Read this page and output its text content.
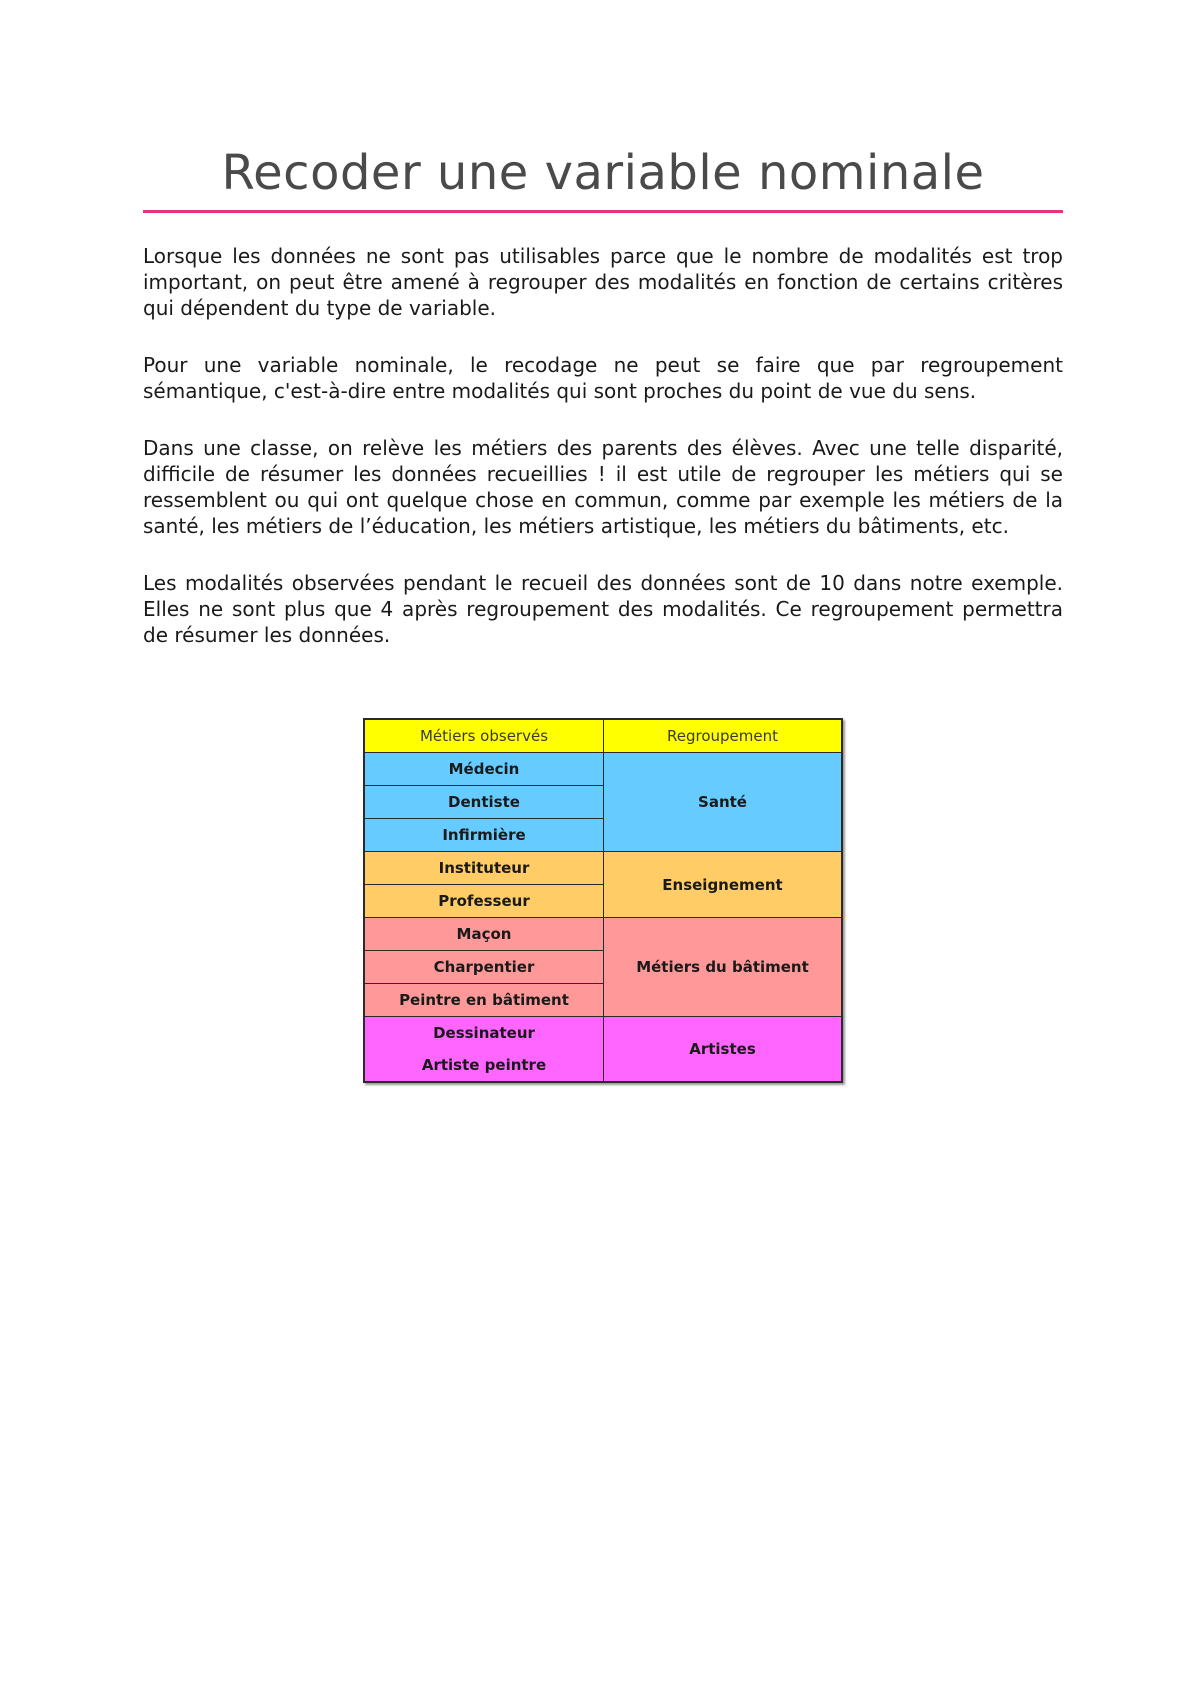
Recoder une variable nominale

Lorsque les données ne sont pas utilisables parce que le nombre de modalités est trop important, on peut être amené à regrouper des modalités en fonction de certains critères qui dépendent du type de variable.

Pour une variable nominale, le recodage ne peut se faire que par regroupement sémantique, c'est-à-dire entre modalités qui sont proches du point de vue du sens.

Dans une classe, on relève les métiers des parents des élèves. Avec une telle disparité, difficile de résumer les données recueillies ! il est utile de regrouper les métiers qui se ressemblent ou qui ont quelque chose en commun, comme par exemple les métiers de la santé, les métiers de l’éducation, les métiers artistique, les métiers du bâtiments, etc.

Les modalités observées pendant le recueil des données sont de 10 dans notre exemple. Elles ne sont plus que 4 après regroupement des modalités. Ce regroupement permettra de résumer les données.

Métiers observés	Regroupement
Médecin	Santé
Dentiste	
Infirmière	
Instituteur	Enseignement
Professeur	
Maçon	Métiers du bâtiment
Charpentier	
Peintre en bâtiment	
Dessinateur	Artistes
Artiste peintre	
